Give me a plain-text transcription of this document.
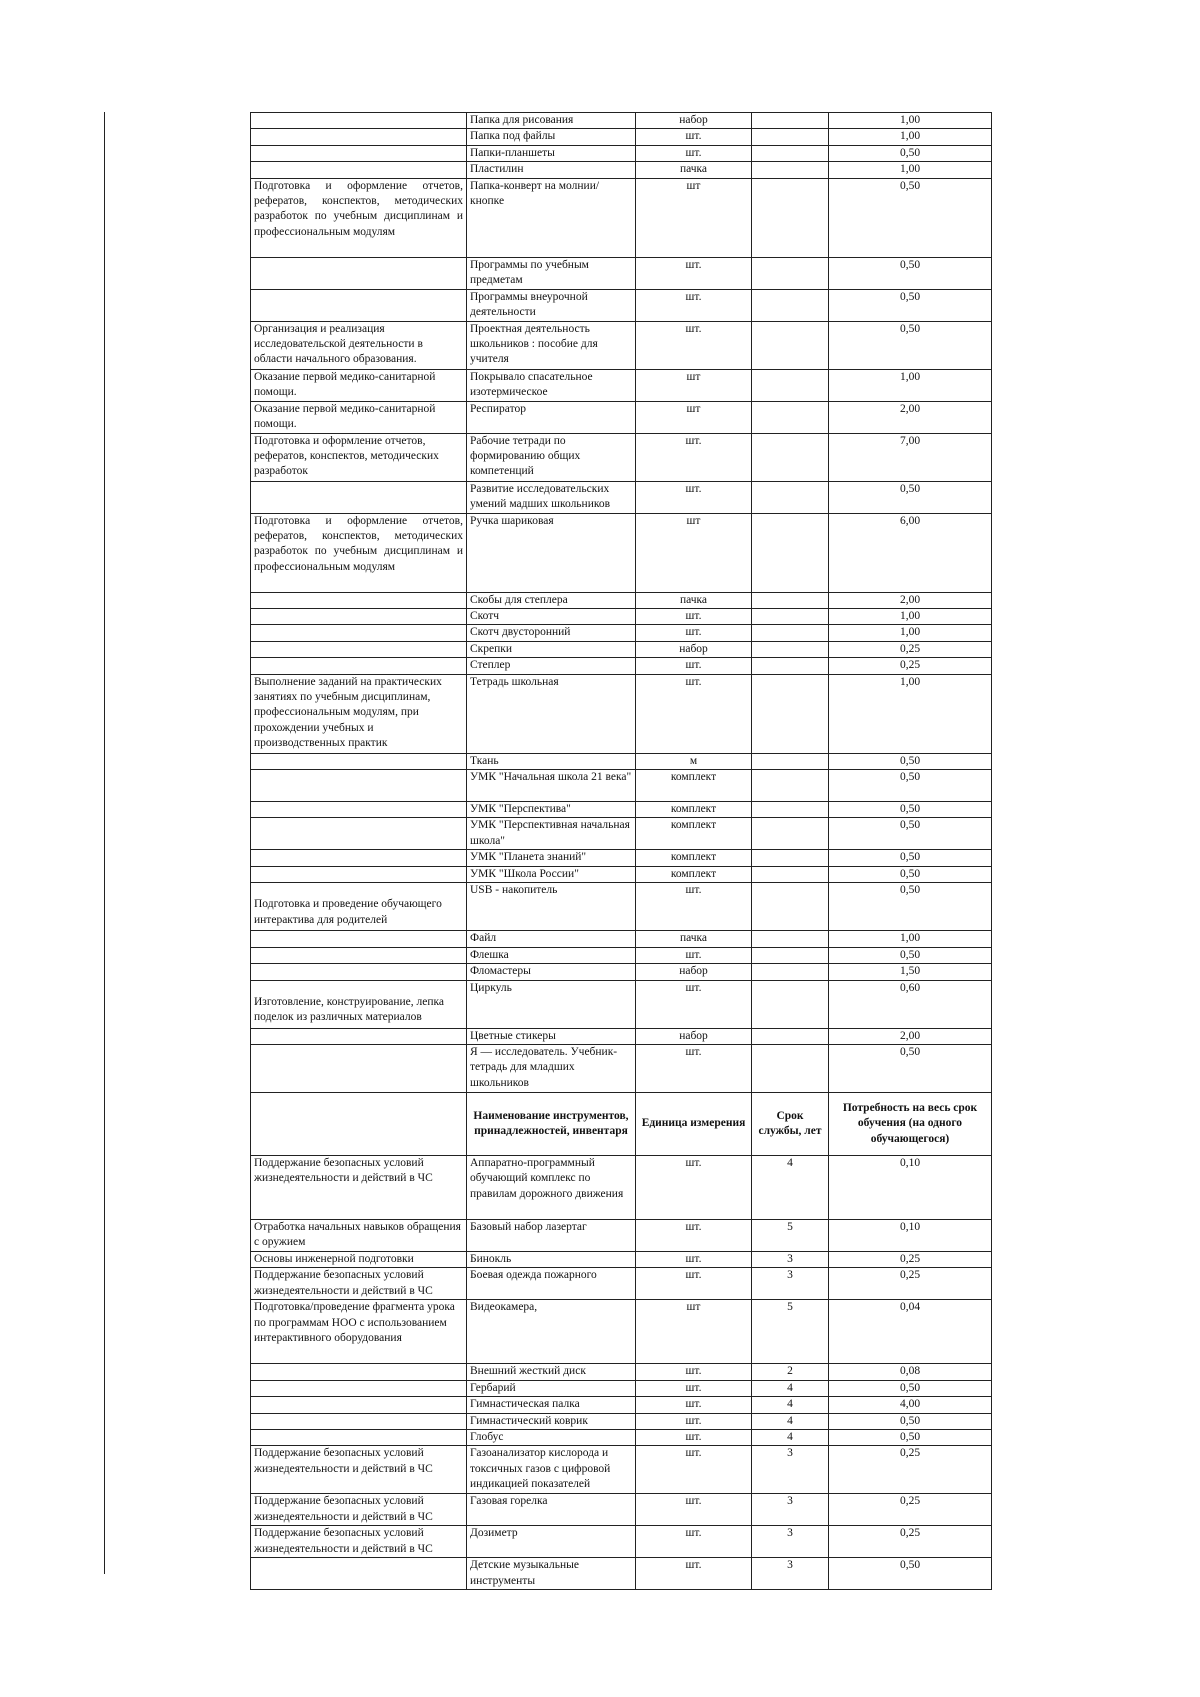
	Папка для рисования	набор		1,00
	Папка под файлы	шт.		1,00
	Папки-планшеты	шт.		0,50
	Пластилин	пачка		1,00
Подготовка и оформление отчетов, рефератов, конспектов, методических разработок по учебным дисциплинам и профессиональным модулям	Папка-конверт на молнии/кнопке	шт		0,50
	Программы по учебным предметам	шт.		0,50
	Программы внеурочной деятельности	шт.		0,50
Организация и реализация исследовательской деятельности в области начального образования.	Проектная деятельность школьников : пособие для учителя	шт.		0,50
Оказание первой медико-санитарной помощи.	Покрывало спасательное изотермическое	шт		1,00
Оказание первой медико-санитарной помощи.	Респиратор	шт		2,00
Подготовка и оформление отчетов, рефератов, конспектов, методических разработок	Рабочие тетради по формированию общих компетенций	шт.		7,00
	Развитие исследовательских умений мадших школьников	шт.		0,50
Подготовка и оформление отчетов, рефератов, конспектов, методических разработок по учебным дисциплинам и профессиональным модулям	Ручка шариковая	шт		6,00
	Скобы для степлера	пачка		2,00
	Скотч	шт.		1,00
	Скотч двусторонний	шт.		1,00
	Скрепки	набор		0,25
	Степлер	шт.		0,25
Выполнение заданий на практических занятиях по учебным дисциплинам, профессиональным модулям, при прохождении учебных и производственных практик	Тетрадь школьная	шт.		1,00
	Ткань	м		0,50
	УМК "Начальная школа 21 века"	комплект		0,50
	УМК "Перспектива"	комплект		0,50
	УМК "Перспективная начальная школа"	комплект		0,50
	УМК "Планета знаний"	комплект		0,50
	УМК "Школа России"	комплект		0,50
Подготовка и проведение обучающего интерактива для родителей	USB - накопитель	шт.		0,50
	Файл	пачка		1,00
	Флешка	шт.		0,50
	Фломастеры	набор		1,50
Изготовление, конструирование, лепка поделок из различных материалов	Циркуль	шт.		0,60
	Цветные стикеры	набор		2,00
	Я — исследователь. Учебник-тетрадь для младших школьников	шт.		0,50
	Наименование инструментов, принадлежностей, инвентаря	Единица измерения	Срок службы, лет	Потребность на весь срок обучения (на одного обучающегося)
Поддержание безопасных условий жизнедеятельности и действий в ЧС	Аппаратно-программный обучающий комплекс по правилам дорожного движения	шт.	4	0,10
Отработка начальных навыков обращения с оружием	Базовый набор лазертаг	шт.	5	0,10
Основы инженерной подготовки	Бинокль	шт.	3	0,25
Поддержание безопасных условий жизнедеятельности и действий в ЧС	Боевая одежда пожарного	шт.	3	0,25
Подготовка/проведение фрагмента урока по программам НОО с использованием интерактивного оборудования	Видеокамера,	шт	5	0,04
	Внешний жесткий диск	шт.	2	0,08
	Гербарий	шт.	4	0,50
	Гимнастическая палка	шт.	4	4,00
	Гимнастический коврик	шт.	4	0,50
	Глобус	шт.	4	0,50
Поддержание безопасных условий жизнедеятельности и действий в ЧС	Газоанализатор кислорода и токсичных газов с цифровой индикацией показателей	шт.	3	0,25
Поддержание безопасных условий жизнедеятельности и действий в ЧС	Газовая горелка	шт.	3	0,25
Поддержание безопасных условий жизнедеятельности и действий в ЧС	Дозиметр	шт.	3	0,25
	Детские музыкальные инструменты	шт.	3	0,50
